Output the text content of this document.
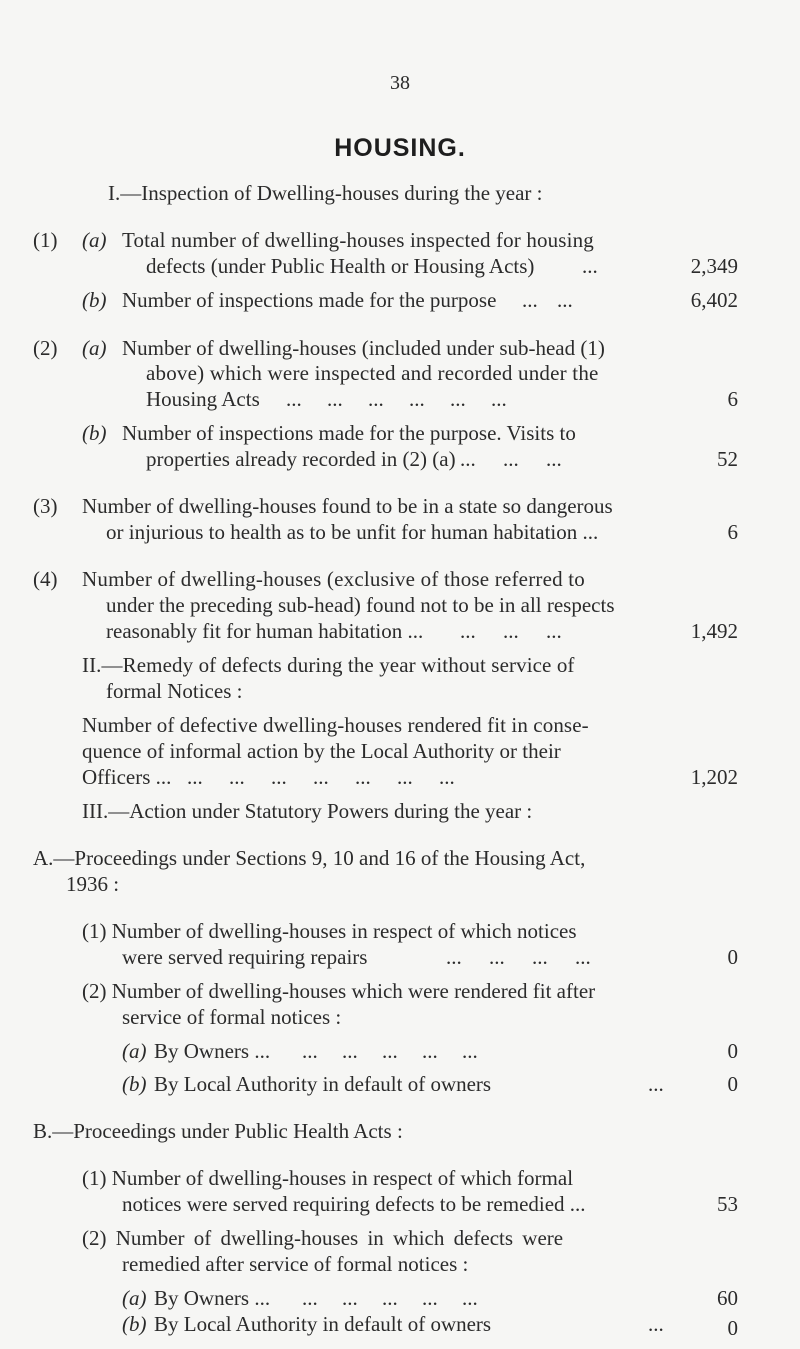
38
HOUSING.
I.—Inspection of Dwelling-houses during the year :
(1) (a) Total number of dwelling-houses inspected for housing
defects (under Public Health or Housing Acts) ...	2,349
(b) Number of inspections made for the purpose ... ...	6,402
(2) (a) Number of dwelling-houses (included under sub-head (1)
above) which were inspected and recorded under the
Housing Acts ... ... ... ... ... ...	6
(b) Number of inspections made for the purpose. Visits to
properties already recorded in (2) (a) ... ... ...	52
(3) Number of dwelling-houses found to be in a state so dangerous
or injurious to health as to be unfit for human habitation ...	6
(4) Number of dwelling-houses (exclusive of those referred to
under the preceding sub-head) found not to be in all respects
reasonably fit for human habitation ... ... ... ...	1,492
II.—Remedy of defects during the year without service of
formal Notices :
Number of defective dwelling-houses rendered fit in conse-
quence of informal action by the Local Authority or their
Officers ... ... ... ... ... ... ... ...	1,202
III.—Action under Statutory Powers during the year :
A.—Proceedings under Sections 9, 10 and 16 of the Housing Act,
1936 :
(1) Number of dwelling-houses in respect of which notices
were served requiring repairs	... ... ... ...	0
(2) Number of dwelling-houses which were rendered fit after
service of formal notices :
(a) By Owners ... ... ... ... ... ...	0
(b) By Local Authority in default of owners	...	0
B.—Proceedings under Public Health Acts :
(1) Number of dwelling-houses in respect of which formal
notices were served requiring defects to be remedied ...	53
(2) Number of dwelling-houses in which defects were
remedied after service of formal notices :
(a) By Owners ... ... ... ... ... ...	60
(b) By Local Authority in default of owners	...	0
